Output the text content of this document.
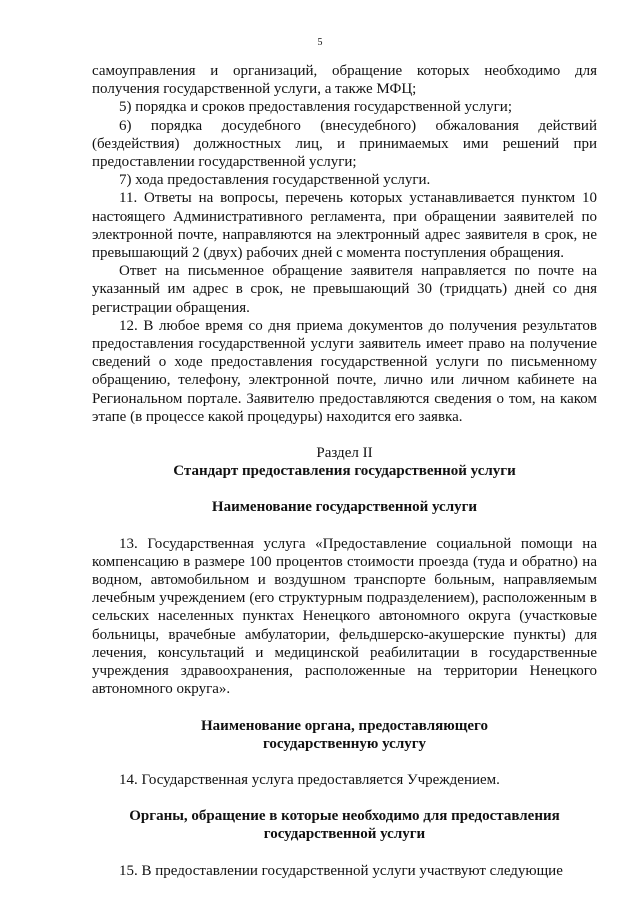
5

самоуправления и организаций, обращение которых необходимо для получения государственной услуги, а также МФЦ;

5) порядка и сроков предоставления государственной услуги;

6) порядка досудебного (внесудебного) обжалования действий (бездействия) должностных лиц, и принимаемых ими решений при предоставлении государственной услуги;

7) хода предоставления государственной услуги.

11. Ответы на вопросы, перечень которых устанавливается пунктом 10 настоящего Административного регламента, при обращении заявителей по электронной почте, направляются на электронный адрес заявителя в срок, не превышающий 2 (двух) рабочих дней с момента поступления обращения.

Ответ на письменное обращение заявителя направляется по почте на указанный им адрес в срок, не превышающий 30 (тридцать) дней со дня регистрации обращения.

12. В любое время со дня приема документов до получения результатов предоставления государственной услуги заявитель имеет право на получение сведений о ходе предоставления государственной услуги по письменному обращению, телефону, электронной почте, лично или личном кабинете на Региональном портале. Заявителю предоставляются сведения о том, на каком этапе (в процессе какой процедуры) находится его заявка.

Раздел II

Стандарт предоставления государственной услуги

Наименование государственной услуги

13. Государственная услуга «Предоставление социальной помощи на компенсацию в размере 100 процентов стоимости проезда (туда и обратно) на водном, автомобильном и воздушном транспорте больным, направляемым лечебным учреждением (его структурным подразделением), расположенным в сельских населенных пунктах Ненецкого автономного округа (участковые больницы, врачебные амбулатории, фельдшерско-акушерские пункты) для лечения, консультаций и медицинской реабилитации в государственные учреждения здравоохранения, расположенные на территории Ненецкого автономного округа».

Наименование органа, предоставляющего

государственную услугу

14. Государственная услуга предоставляется Учреждением.

Органы, обращение в которые необходимо для предоставления

государственной услуги

15. В предоставлении государственной услуги участвуют следующие
